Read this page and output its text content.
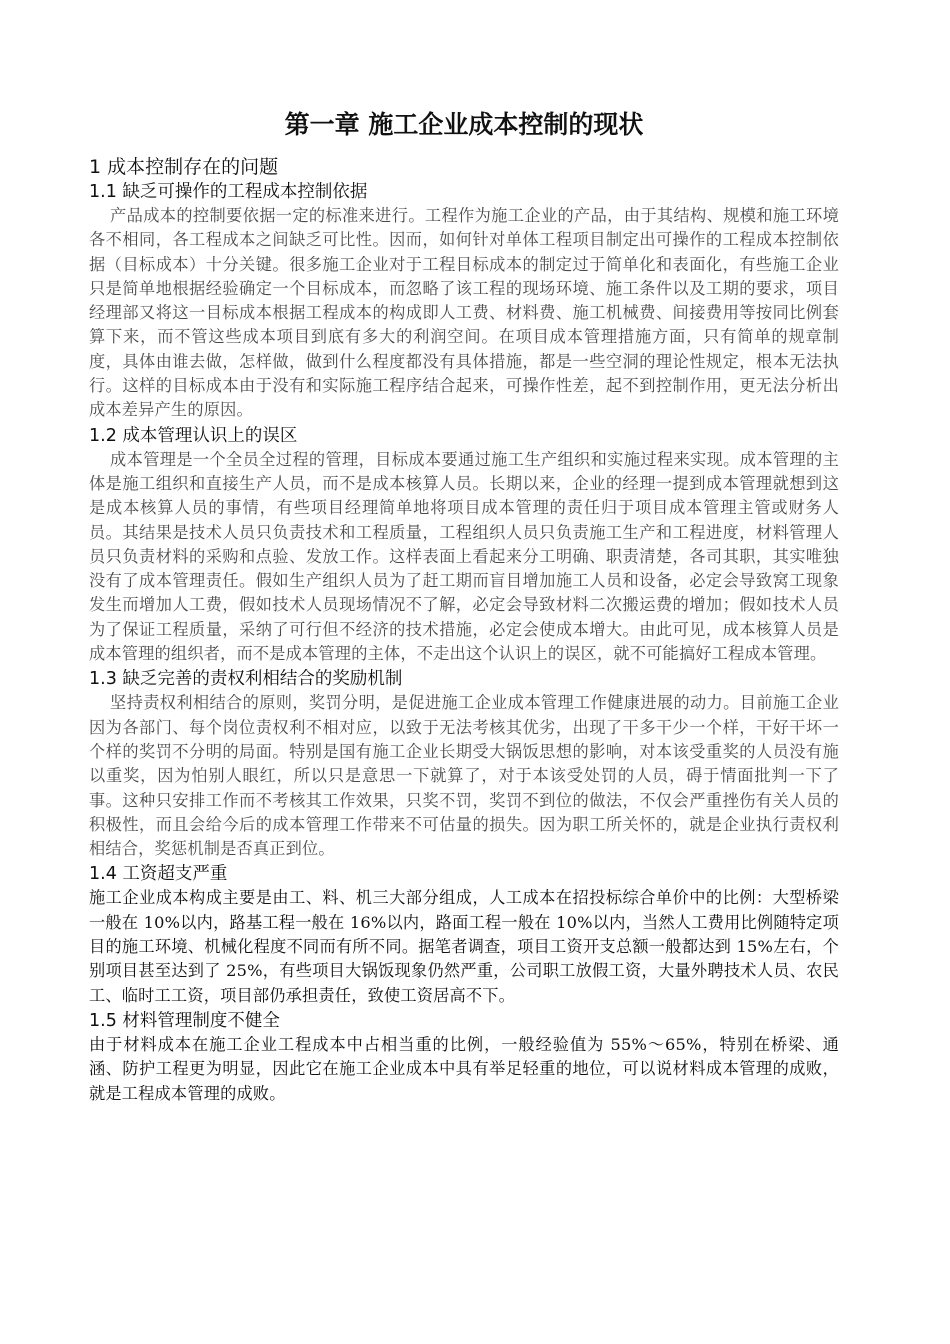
第一章 施工企业成本控制的现状
1 成本控制存在的问题
1.1 缺乏可操作的工程成本控制依据

产品成本的控制要依据一定的标准来进行。工程作为施工企业的产品，由于其结构、规模和施工环境各不相同，各工程成本之间缺乏可比性。因而，如何针对单体工程项目制定出可操作的工程成本控制依据（目标成本）十分关键。很多施工企业对于工程目标成本的制定过于简单化和表面化，有些施工企业只是简单地根据经验确定一个目标成本，而忽略了该工程的现场环境、施工条件以及工期的要求，项目经理部又将这一目标成本根据工程成本的构成即人工费、材料费、施工机械费、间接费用等按同比例套算下来，而不管这些成本项目到底有多大的利润空间。在项目成本管理措施方面，只有简单的规章制度，具体由谁去做，怎样做，做到什么程度都没有具体措施，都是一些空洞的理论性规定，根本无法执行。这样的目标成本由于没有和实际施工程序结合起来，可操作性差，起不到控制作用，更无法分析出成本差异产生的原因。

1.2 成本管理认识上的误区

成本管理是一个全员全过程的管理，目标成本要通过施工生产组织和实施过程来实现。成本管理的主体是施工组织和直接生产人员，而不是成本核算人员。长期以来，企业的经理一提到成本管理就想到这是成本核算人员的事情，有些项目经理简单地将项目成本管理的责任归于项目成本管理主管或财务人员。其结果是技术人员只负责技术和工程质量，工程组织人员只负责施工生产和工程进度，材料管理人员只负责材料的采购和点验、发放工作。这样表面上看起来分工明确、职责清楚，各司其职，其实唯独没有了成本管理责任。假如生产组织人员为了赶工期而盲目增加施工人员和设备，必定会导致窝工现象发生而增加人工费，假如技术人员现场情况不了解，必定会导致材料二次搬运费的增加；假如技术人员为了保证工程质量，采纳了可行但不经济的技术措施，必定会使成本增大。由此可见，成本核算人员是成本管理的组织者，而不是成本管理的主体，不走出这个认识上的误区，就不可能搞好工程成本管理。

1.3 缺乏完善的责权利相结合的奖励机制

坚持责权利相结合的原则，奖罚分明，是促进施工企业成本管理工作健康进展的动力。目前施工企业因为各部门、每个岗位责权利不相对应，以致于无法考核其优劣，出现了干多干少一个样，干好干坏一个样的奖罚不分明的局面。特别是国有施工企业长期受大锅饭思想的影响，对本该受重奖的人员没有施以重奖，因为怕别人眼红，所以只是意思一下就算了，对于本该受处罚的人员，碍于情面批判一下了事。这种只安排工作而不考核其工作效果，只奖不罚，奖罚不到位的做法，不仅会严重挫伤有关人员的积极性，而且会给今后的成本管理工作带来不可估量的损失。因为职工所关怀的，就是企业执行责权利相结合，奖惩机制是否真正到位。

1.4 工资超支严重

施工企业成本构成主要是由工、料、机三大部分组成，人工成本在招投标综合单价中的比例：大型桥梁一般在 10%以内，路基工程一般在 16%以内，路面工程一般在 10%以内，当然人工费用比例随特定项目的施工环境、机械化程度不同而有所不同。据笔者调查，项目工资开支总额一般都达到 15%左右，个别项目甚至达到了 25%，有些项目大锅饭现象仍然严重，公司职工放假工资，大量外聘技术人员、农民工、临时工工资，项目部仍承担责任，致使工资居高不下。

1.5 材料管理制度不健全

由于材料成本在施工企业工程成本中占相当重的比例，一般经验值为 55%～65%，特别在桥梁、通涵、防护工程更为明显，因此它在施工企业成本中具有举足轻重的地位，可以说材料成本管理的成败，就是工程成本管理的成败。
